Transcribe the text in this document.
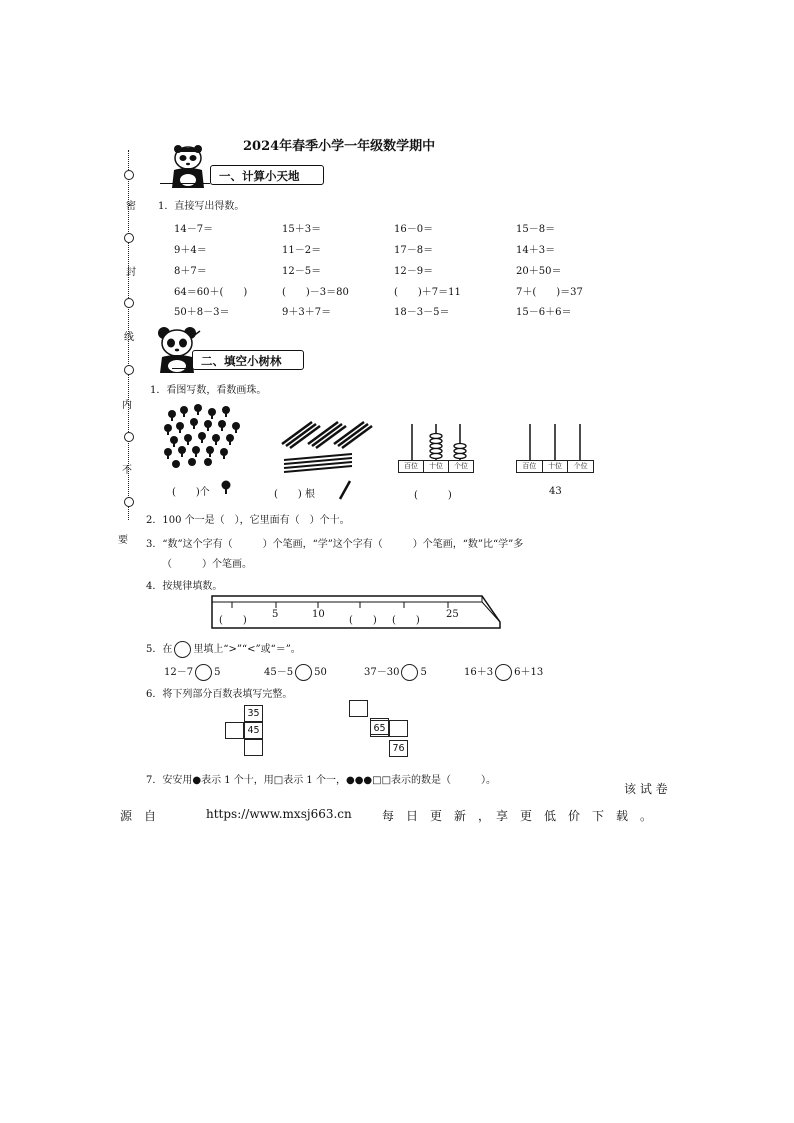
2024年春季小学一年级数学期中
密
封
线
内
不
要
一、计算小天地
1．直接写出得数。
14－7＝	15＋3＝	16－0＝	15－8＝
9＋4＝	11－2＝	17－8＝	14＋3＝
8＋7＝	12－5＝	12－9＝	20＋50＝
64＝60＋(　　)	(　　)－3＝80	(　　)＋7＝11	7＋(　　)＝37
50＋8－3＝	9＋3＋7＝	18－3－5＝	15－6＋6＝
二、填空小树林
1．看图写数，看数画珠。
(　　)个	(　　) 根
百位	十位	个位
(　　　)
百位	十位	个位
43
2．100 个一是（　），它里面有（　）个十。
3．“数”这个字有（　　　）个笔画，“学”这个字有（　　　）个笔画，“数”比“学”多
（　　　）个笔画。
4．按规律填数。
(　　)
5	10
(　　) (　　)
25
5．在 里填上“>”“<”或“＝”。
12－7 5	45－5 50	37－30 5	16＋3 6＋13
6．将下列部分百数表填写完整。
35
45	65
76
7．安安用●表示 1 个十，用□表示 1 个一，●●●□□表示的数是（　　　）。
该 试 卷
源　自	https://www.mxsj663.cn	每　日　更　新　，　享　更　低　价　下　载　。
